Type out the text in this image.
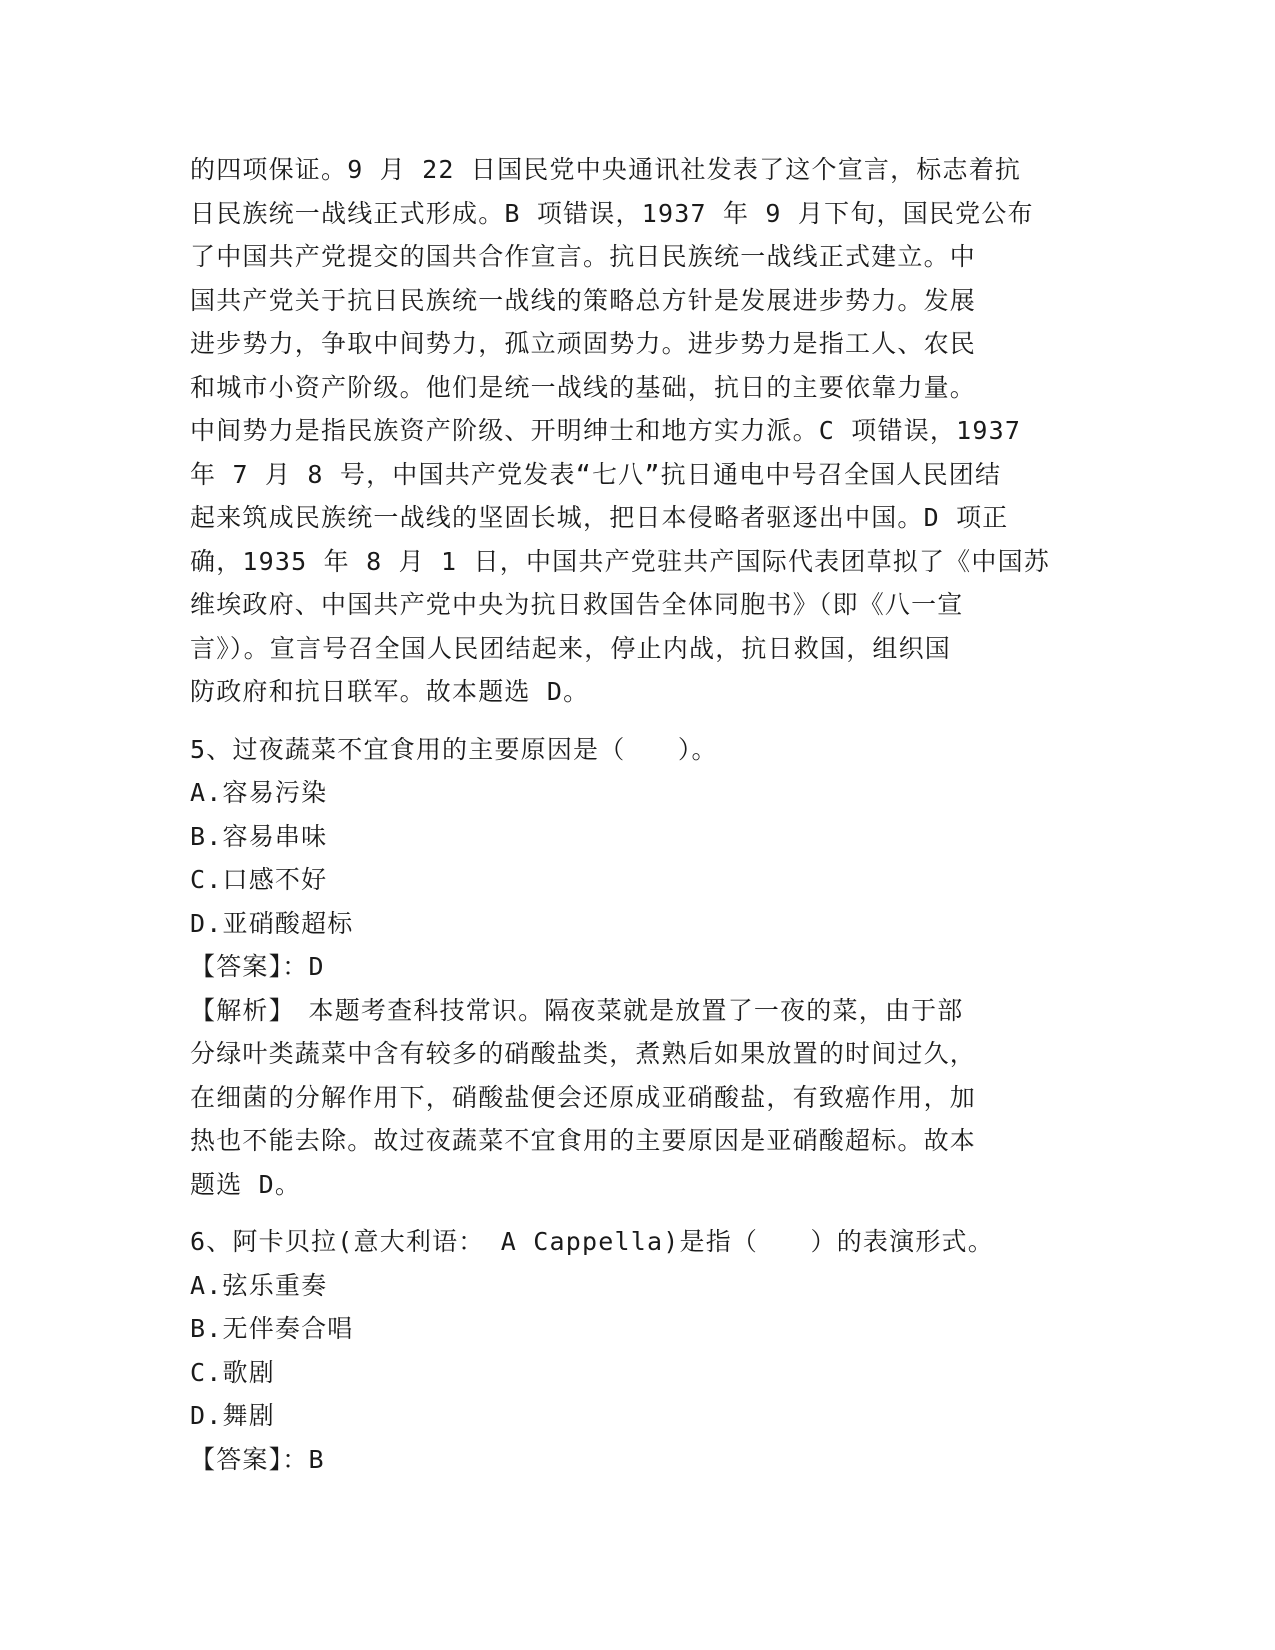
的四项保证。9 月 22 日国民党中央通讯社发表了这个宣言，标志着抗
日民族统一战线正式形成。B 项错误，1937 年 9 月下旬，国民党公布
了中国共产党提交的国共合作宣言。抗日民族统一战线正式建立。中
国共产党关于抗日民族统一战线的策略总方针是发展进步势力。发展
进步势力，争取中间势力，孤立顽固势力。进步势力是指工人、农民
和城市小资产阶级。他们是统一战线的基础，抗日的主要依靠力量。
中间势力是指民族资产阶级、开明绅士和地方实力派。C 项错误，1937
年 7 月 8 号，中国共产党发表“七八”抗日通电中号召全国人民团结
起来筑成民族统一战线的坚固长城，把日本侵略者驱逐出中国。D 项正
确，1935 年 8 月 1 日，中国共产党驻共产国际代表团草拟了《中国苏
维埃政府、中国共产党中央为抗日救国告全体同胞书》（即《八一宣
言》）。宣言号召全国人民团结起来，停止内战，抗日救国，组织国
防政府和抗日联军。故本题选 D。
5、过夜蔬菜不宜食用的主要原因是（　　）。
A.容易污染
B.容易串味
C.口感不好
D.亚硝酸超标
【答案】：D
【解析】　本题考查科技常识。隔夜菜就是放置了一夜的菜，由于部
分绿叶类蔬菜中含有较多的硝酸盐类，煮熟后如果放置的时间过久，
在细菌的分解作用下，硝酸盐便会还原成亚硝酸盐，有致癌作用，加
热也不能去除。故过夜蔬菜不宜食用的主要原因是亚硝酸超标。故本
题选 D。
6、阿卡贝拉(意大利语： A Cappella)是指（　　）的表演形式。
A.弦乐重奏
B.无伴奏合唱
C.歌剧
D.舞剧
【答案】：B
